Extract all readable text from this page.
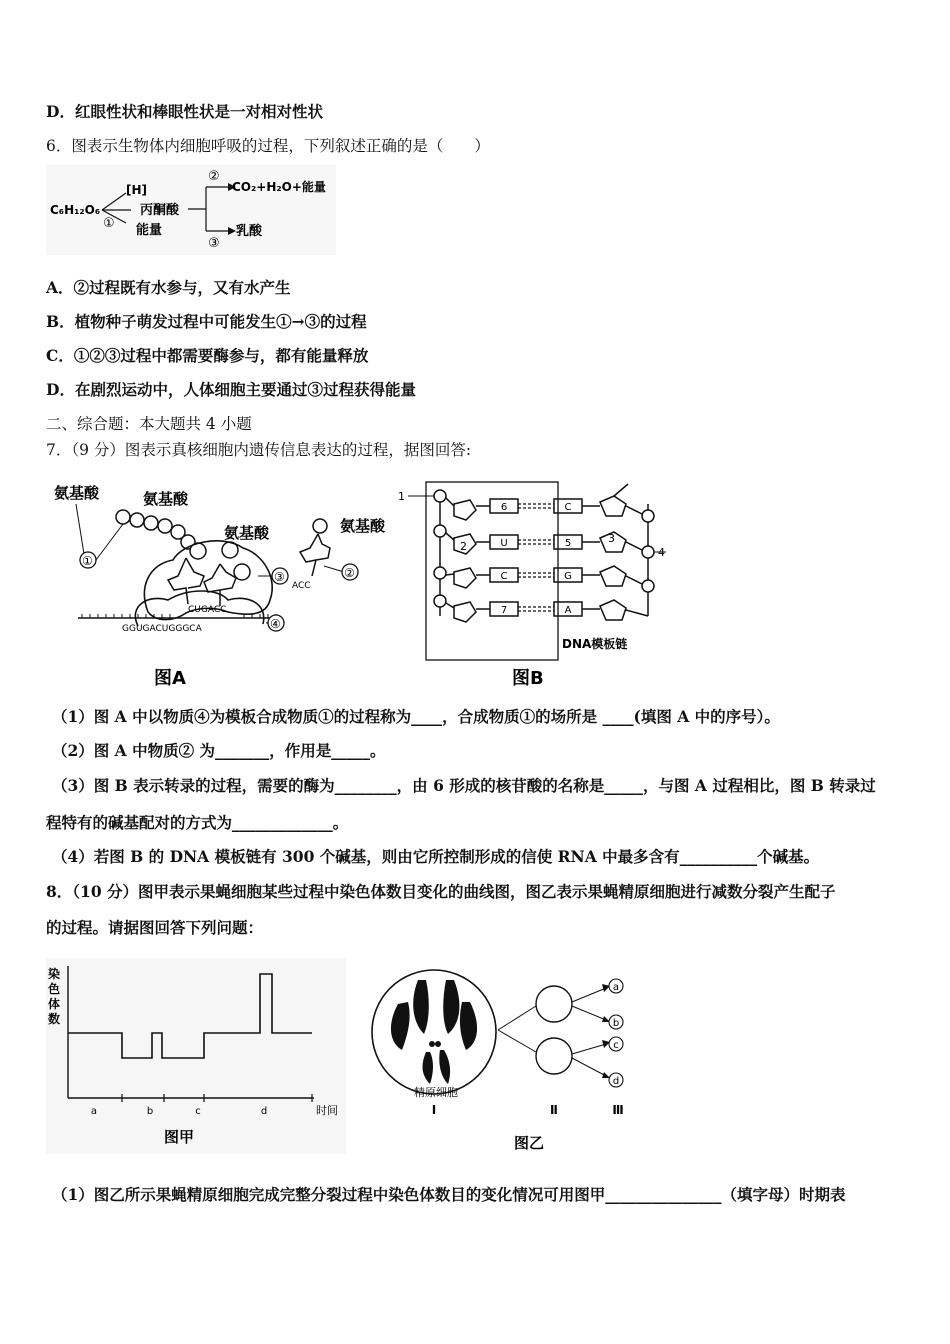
D．红眼性状和棒眼性状是一对相对性状
6．图表示生物体内细胞呼吸的过程，下列叙述正确的是（　　）
C₆H₁₂O₆
[H]
①
丙酮酸
能量
②
CO₂+H₂O+能量
③
乳酸
A．②过程既有水参与，又有水产生
B．植物种子萌发过程中可能发生①→③的过程
C．①②③过程中都需要酶参与，都有能量释放
D．在剧烈运动中，人体细胞主要通过③过程获得能量
二、综合题：本大题共 4 小题
7．（9 分）图表示真核细胞内遗传信息表达的过程，据图回答:
②
ACC
氨基酸	氨基酸
氨基酸	氨基酸
①
③
CUGACC
GGUGACUGGGCA	④
图A
1
2
6
U
C
7
4
3
C
5
G
A
DNA模板链
图B
（1）图 A 中以物质④为模板合成物质①的过程称为____，合成物质①的场所是 ____(填图 A 中的序号）。
（2）图 A 中物质② 为_______，作用是_____。
（3）图 B 表示转录的过程，需要的酶为________，由 6 形成的核苷酸的名称是_____，与图 A 过程相比，图 B 转录过
程特有的碱基配对的方式为_____________。
（4）若图 B 的 DNA 模板链有 300 个碱基，则由它所控制形成的信使 RNA 中最多含有__________个碱基。
8．（10 分）图甲表示果蝇细胞某些过程中染色体数目变化的曲线图，图乙表示果蝇精原细胞进行减数分裂产生配子
的过程。请据图回答下列问题：
染
色
体
数
a	b	c	d	时间
图甲
a
b
c
d
精原细胞
Ⅰ	Ⅱ	Ⅲ
图乙
（1）图乙所示果蝇精原细胞完成完整分裂过程中染色体数目的变化情况可用图甲_______________（填字母）时期表
